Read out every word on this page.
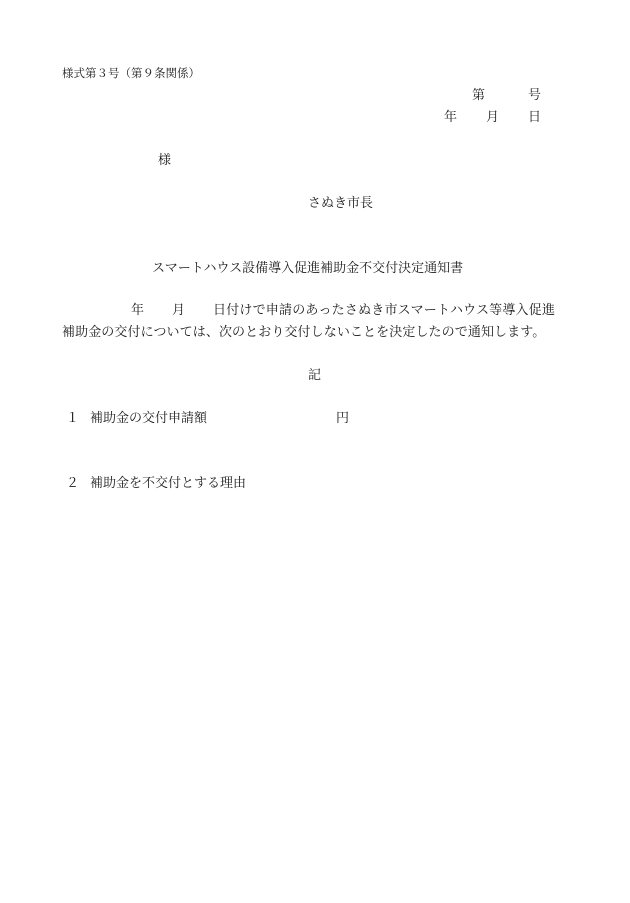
様式第３号（第９条関係）
第	号
年 月 日
様
さぬき市長
スマートハウス設備導入促進補助金不交付決定通知書
年 月 日付けで申請のあったさぬき市スマートハウス等導入促進
補助金の交付については、次のとおり交付しないことを決定したので通知します。
記
１ 補助金の交付申請額	円
２ 補助金を不交付とする理由
